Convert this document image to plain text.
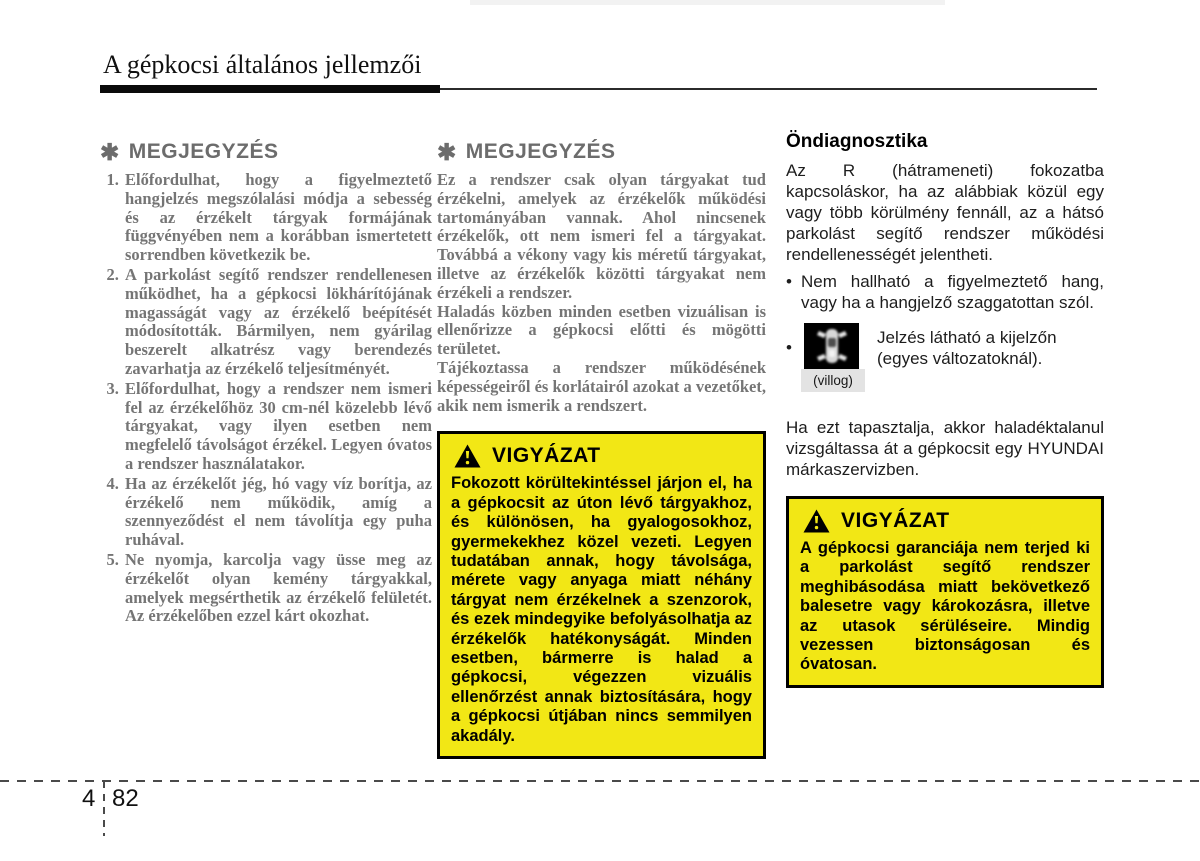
A gépkocsi általános jellemzői
✱ MEGJEGYZÉS
1. Előfordulhat, hogy a figyelmeztető hangjelzés megszólalási módja a sebesség és az érzékelt tárgyak formájának függvényében nem a korábban ismertetett sorrendben következik be.
2. A parkolást segítő rendszer rendellenesen működhet, ha a gépkocsi lökhárítójának magasságát vagy az érzékelő beépítését módosították. Bármilyen, nem gyárilag beszerelt alkatrész vagy berendezés zavarhatja az érzékelő teljesítményét.
3. Előfordulhat, hogy a rendszer nem ismeri fel az érzékelőhöz 30 cm-nél közelebb lévő tárgyakat, vagy ilyen esetben nem megfelelő távolságot érzékel. Legyen óvatos a rendszer használatakor.
4. Ha az érzékelőt jég, hó vagy víz borítja, az érzékelő nem működik, amíg a szennyeződést el nem távolítja egy puha ruhával.
5. Ne nyomja, karcolja vagy üsse meg az érzékelőt olyan kemény tárgyakkal, amelyek megsérthetik az érzékelő felületét. Az érzékelőben ezzel kárt okozhat.
✱ MEGJEGYZÉS

Ez a rendszer csak olyan tárgyakat tud érzékelni, amelyek az érzékelők működési tartományában vannak. Ahol nincsenek érzékelők, ott nem ismeri fel a tárgyakat. Továbbá a vékony vagy kis méretű tárgyakat, illetve az érzékelők közötti tárgyakat nem érzékeli a rendszer.

Haladás közben minden esetben vizuálisan is ellenőrizze a gépkocsi előtti és mögötti területet.

Tájékoztassa a rendszer működésének képességeiről és korlátairól azokat a vezetőket, akik nem ismerik a rendszert.

VIGYÁZAT
Fokozott körültekintéssel járjon el, ha a gépkocsit az úton lévő tárgyakhoz, és különösen, ha gyalogosokhoz, gyermekekhez közel vezeti. Legyen tudatában annak, hogy távolsága, mérete vagy anyaga miatt néhány tárgyat nem érzékelnek a szenzorok, és ezek mindegyike befolyásolhatja az érzékelők hatékonyságát. Minden esetben, bármerre is halad a gépkocsi, végezzen vizuális ellenőrzést annak biztosítására, hogy a gépkocsi útjában nincs semmilyen akadály.
Öndiagnosztika

Az R (hátrameneti) fokozatba kapcsoláskor, ha az alábbiak közül egy vagy több körülmény fennáll, az a hátsó parkolást segítő rendszer működési rendellenességét jelentheti.

• Nem hallható a figyelmeztető hang, vagy ha a hangjelző szaggatottan szól.
•
(villog)
Jelzés látható a kijelzőn (egyes változatoknál).

Ha ezt tapasztalja, akkor haladéktalanul vizsgáltassa át a gépkocsit egy HYUNDAI márkaszervizben.

VIGYÁZAT
A gépkocsi garanciája nem terjed ki a parkolást segítő rendszer meghibásodása miatt bekövetkező balesetre vagy károkozásra, illetve az utasok sérüléseire. Mindig vezessen biztonságosan és óvatosan.
4 82
